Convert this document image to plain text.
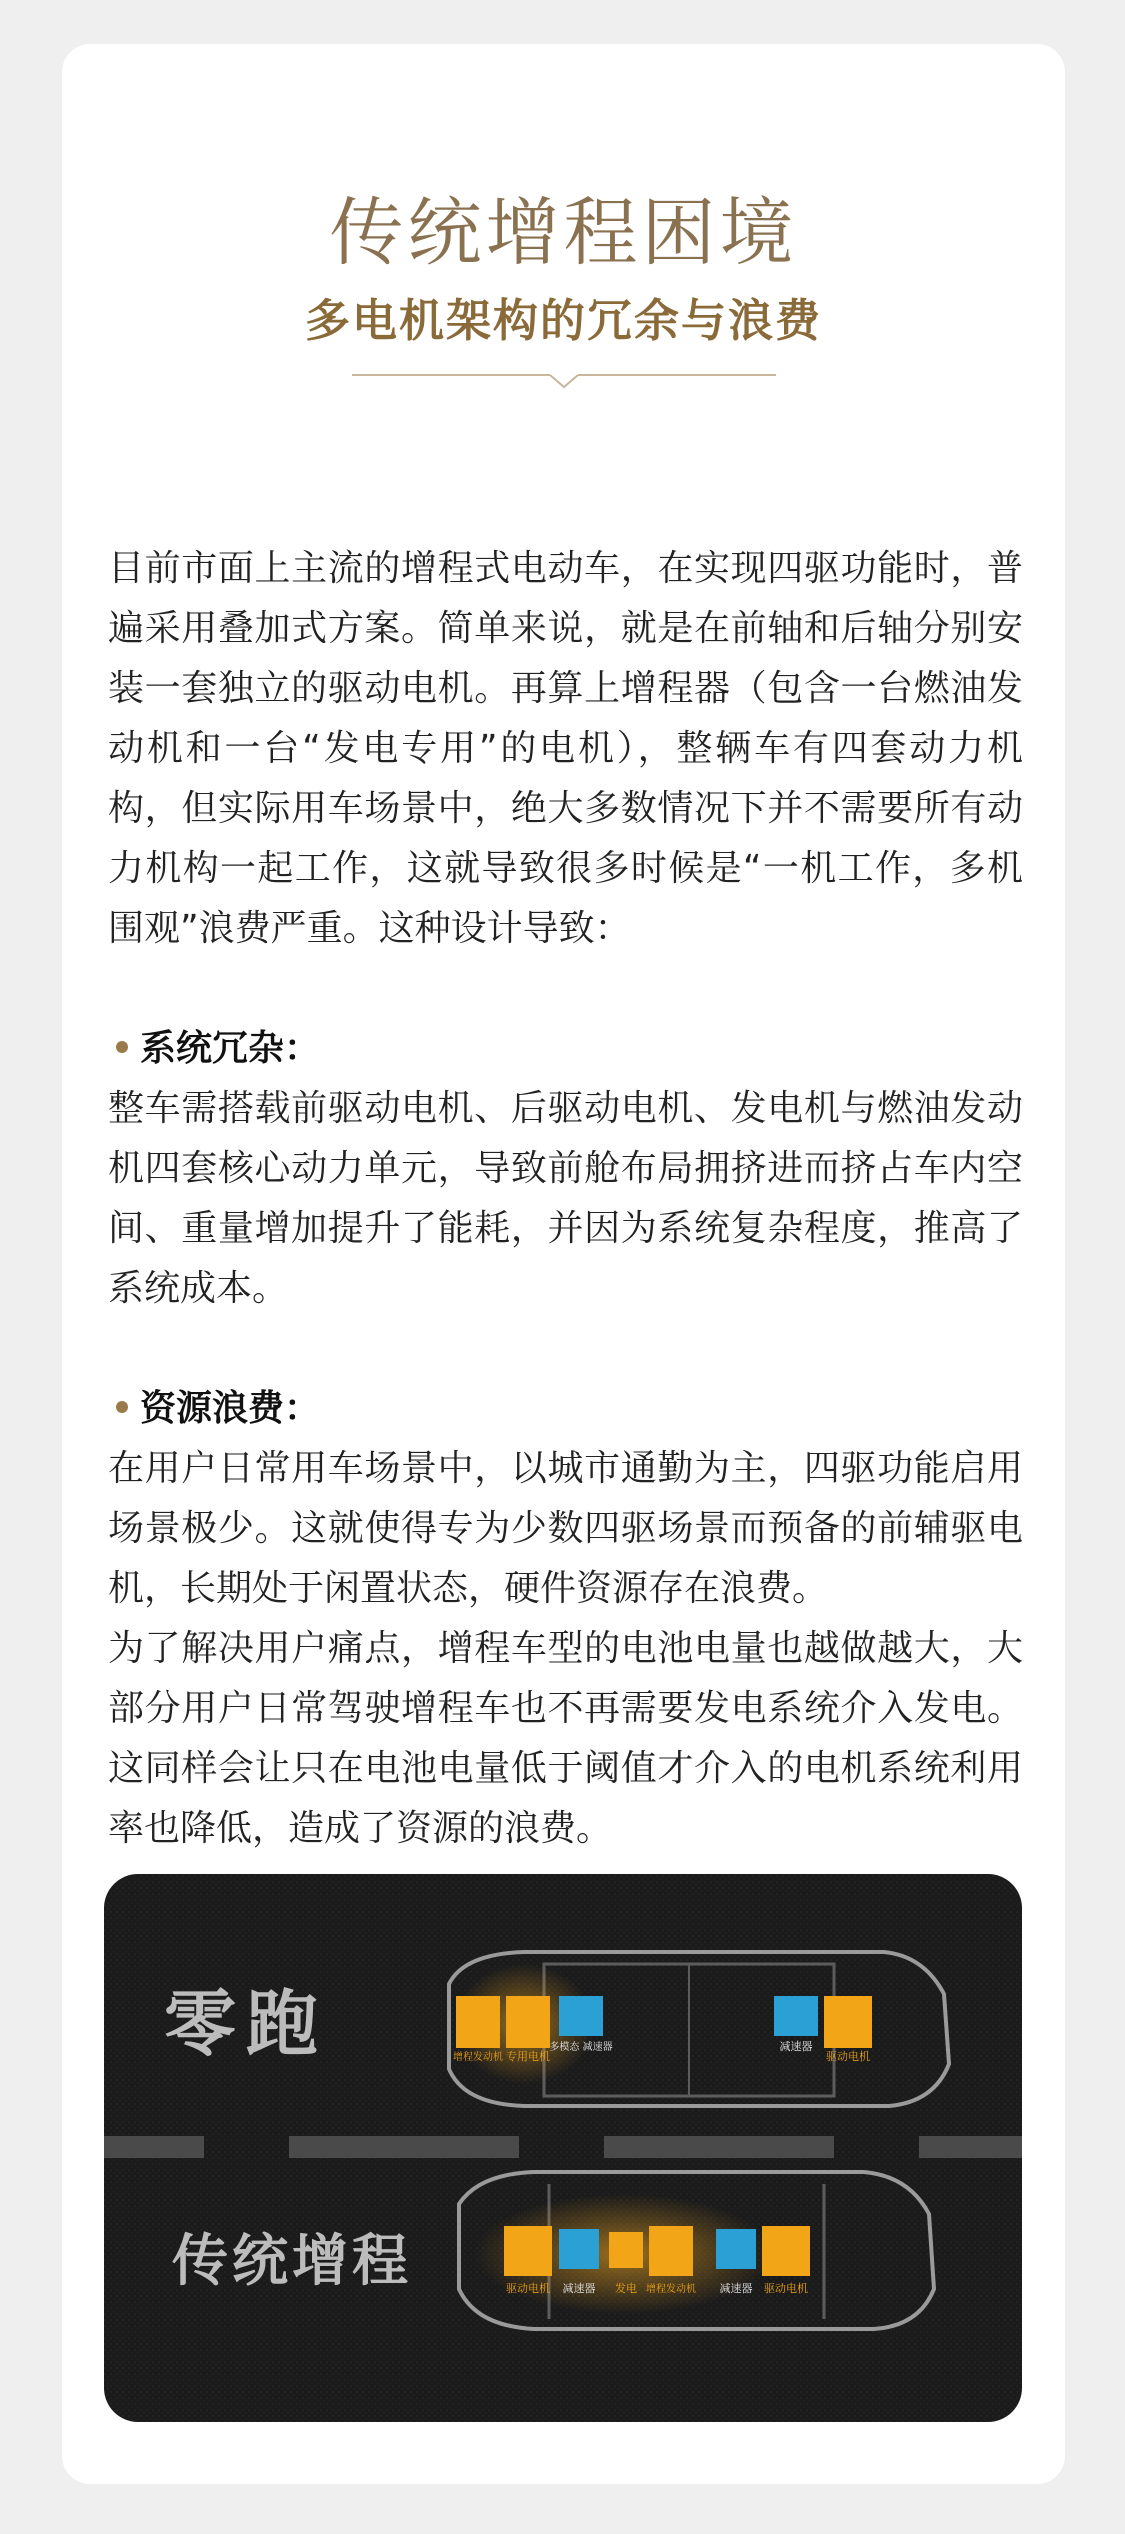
传统增程困境
多电机架构的冗余与浪费

目前市面上主流的增程式电动车，在实现四驱功能时，普遍采用叠加式方案。简单来说，就是在前轴和后轴分别安装一套独立的驱动电机。再算上增程器（包含一台燃油发动机和一台“发电专用”的电机），整辆车有四套动力机构，但实际用车场景中，绝大多数情况下并不需要所有动力机构一起工作，这就导致很多时候是“一机工作，多机围观”浪费严重。这种设计导致：

系统冗杂：

整车需搭载前驱动电机、后驱动电机、发电机与燃油发动机四套核心动力单元，导致前舱布局拥挤进而挤占车内空间、重量增加提升了能耗，并因为系统复杂程度，推高了系统成本。

资源浪费：

在用户日常用车场景中，以城市通勤为主，四驱功能启用场景极少。这就使得专为少数四驱场景而预备的前辅驱电机，长期处于闲置状态，硬件资源存在浪费。

为了解决用户痛点，增程车型的电池电量也越做越大，大部分用户日常驾驶增程车也不再需要发电系统介入发电。这同样会让只在电池电量低于阈值才介入的电机系统利用率也降低，造成了资源的浪费。

零跑
传统增程
增程发动机 专用电机
多模态 减速器	减速器
驱动电机
驱动电机 减速器 发电 增程发动机 减速器 驱动电机
